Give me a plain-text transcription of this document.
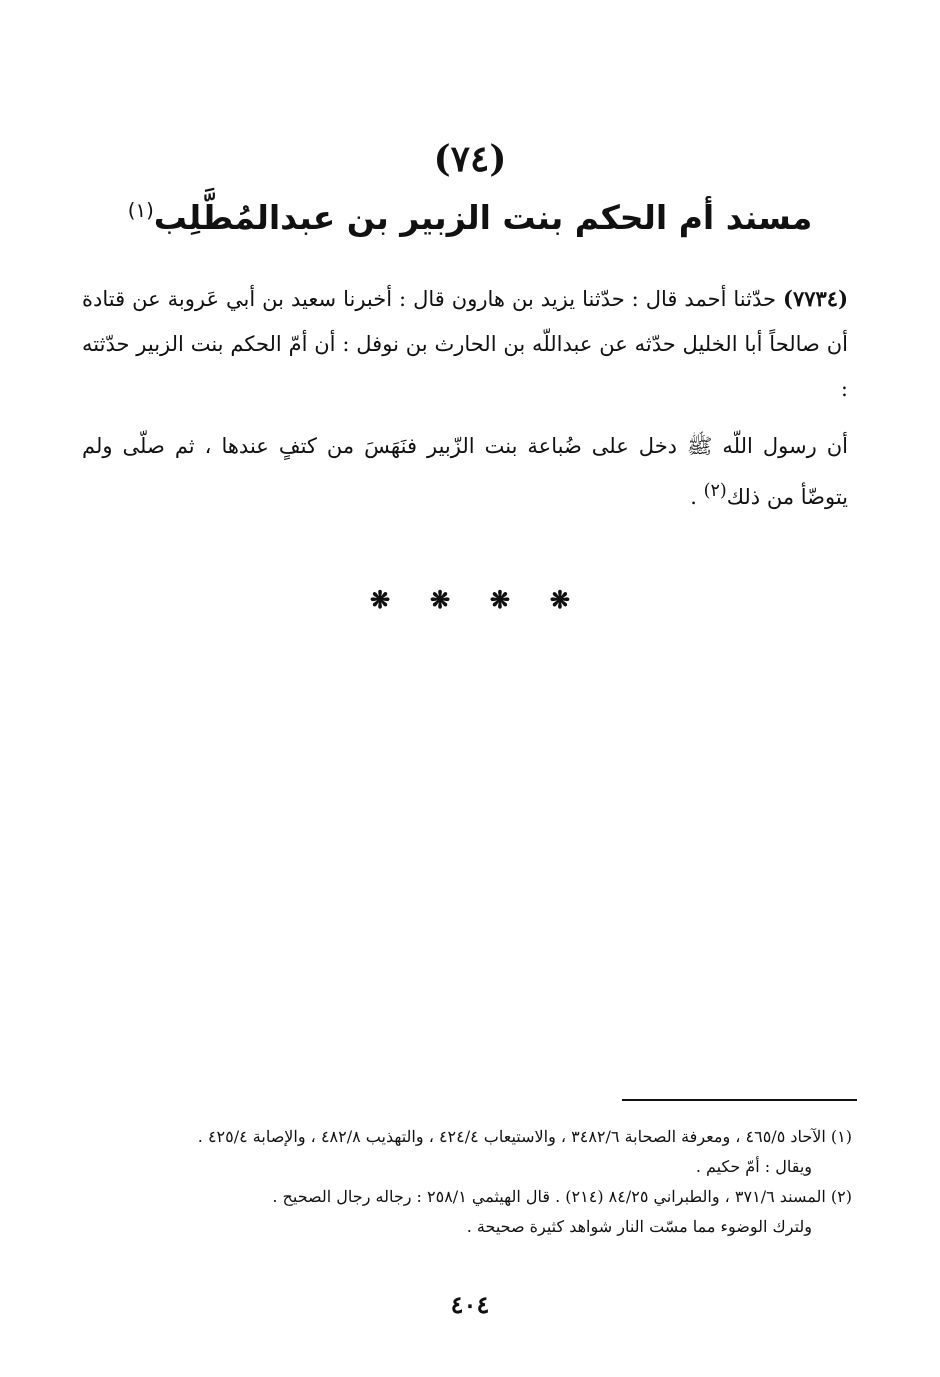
(٧٤)
مسند أم الحكم بنت الزبير بن عبدالمُطَّلِب$^{(١)}$
(٧٧٣٤) حدّثنا أحمد قال : حدّثنا يزيد بن هارون قال : أخبرنا سعيد بن أبي عَروبة عن قتادة أن صالحاً أبا الخليل حدّثه عن عبداللّه بن الحارث بن نوفل : أن أمّ الحكم بنت الزبير حدّثته :
أن رسول اللّه ﷺ دخل على ضُباعة بنت الزّبير فنَهَسَ من كتفٍ عندها ، ثم صلّى ولم يتوضّأ من ذلك$^{(٢)}$ .
❋ ❋ ❋ ❋
(١) الآحاد ٤٦٥/٥ ، ومعرفة الصحابة ٣٤٨٢/٦ ، والاستيعاب ٤٢٤/٤ ، والتهذيب ٤٨٢/٨ ، والإصابة ٤٢٥/٤ .
ويقال : أمّ حكيم .
(٢) المسند ٣٧١/٦ ، والطبراني ٨٤/٢٥ (٢١٤) . قال الهيثمي ٢٥٨/١ : رجاله رجال الصحيح .
ولترك الوضوء مما مسّت النار شواهد كثيرة صحيحة .
٤٠٤
